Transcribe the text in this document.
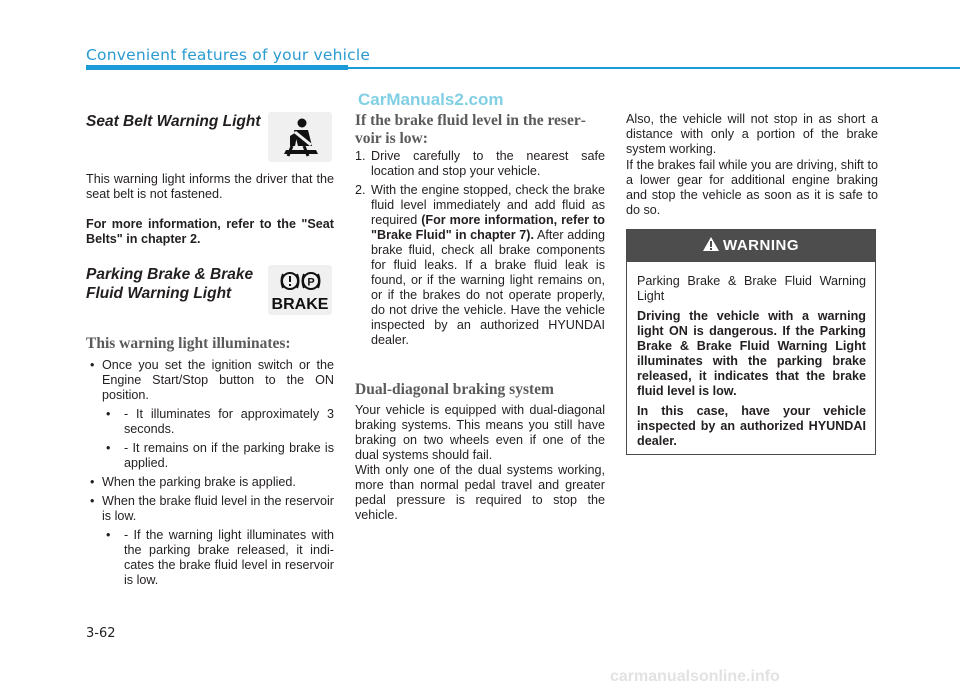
Convenient features of your vehicle
CarManuals2.com
Seat Belt Warning Light
This warning light informs the driver that the seat belt is not fastened.
For more information, refer to the "Seat Belts" in chapter 2.
Parking Brake & Brake
Fluid Warning Light
P
BRAKE
This warning light illuminates:
• Once you set the ignition switch or the Engine Start/Stop button to the ON position.
• - It illuminates for approximately 3 seconds.
• - It remains on if the parking brake is applied.
• When the parking brake is applied.
• When the brake fluid level in the reservoir is low.
• - If the warning light illuminates with the parking brake released, it indicates the brake fluid level in reservoir is low.
If the brake fluid level in the reservoir is low:
1. Drive carefully to the nearest safe location and stop your vehicle.
2. With the engine stopped, check the brake fluid level immediately and add fluid as required (For more information, refer to "Brake Fluid" in chapter 7). After adding brake fluid, check all brake components for fluid leaks. If a brake fluid leak is found, or if the warning light remains on, or if the brakes do not operate properly, do not drive the vehicle. Have the vehicle inspected by an authorized HYUNDAI dealer.
Dual-diagonal braking system
Your vehicle is equipped with dual-diagonal braking systems. This means you still have braking on two wheels even if one of the dual systems should fail.
With only one of the dual systems working, more than normal pedal travel and greater pedal pressure is required to stop the vehicle.
Also, the vehicle will not stop in as short a distance with only a portion of the brake system working.
If the brakes fail while you are driving, shift to a lower gear for additional engine braking and stop the vehicle as soon as it is safe to do so.
WARNING
Parking Brake & Brake Fluid Warning Light
Driving the vehicle with a warning light ON is dangerous. If the Parking Brake & Brake Fluid Warning Light illuminates with the parking brake released, it indicates that the brake fluid level is low.
In this case, have your vehicle inspected by an authorized HYUNDAI dealer.
3-62
carmanualsonline.info
